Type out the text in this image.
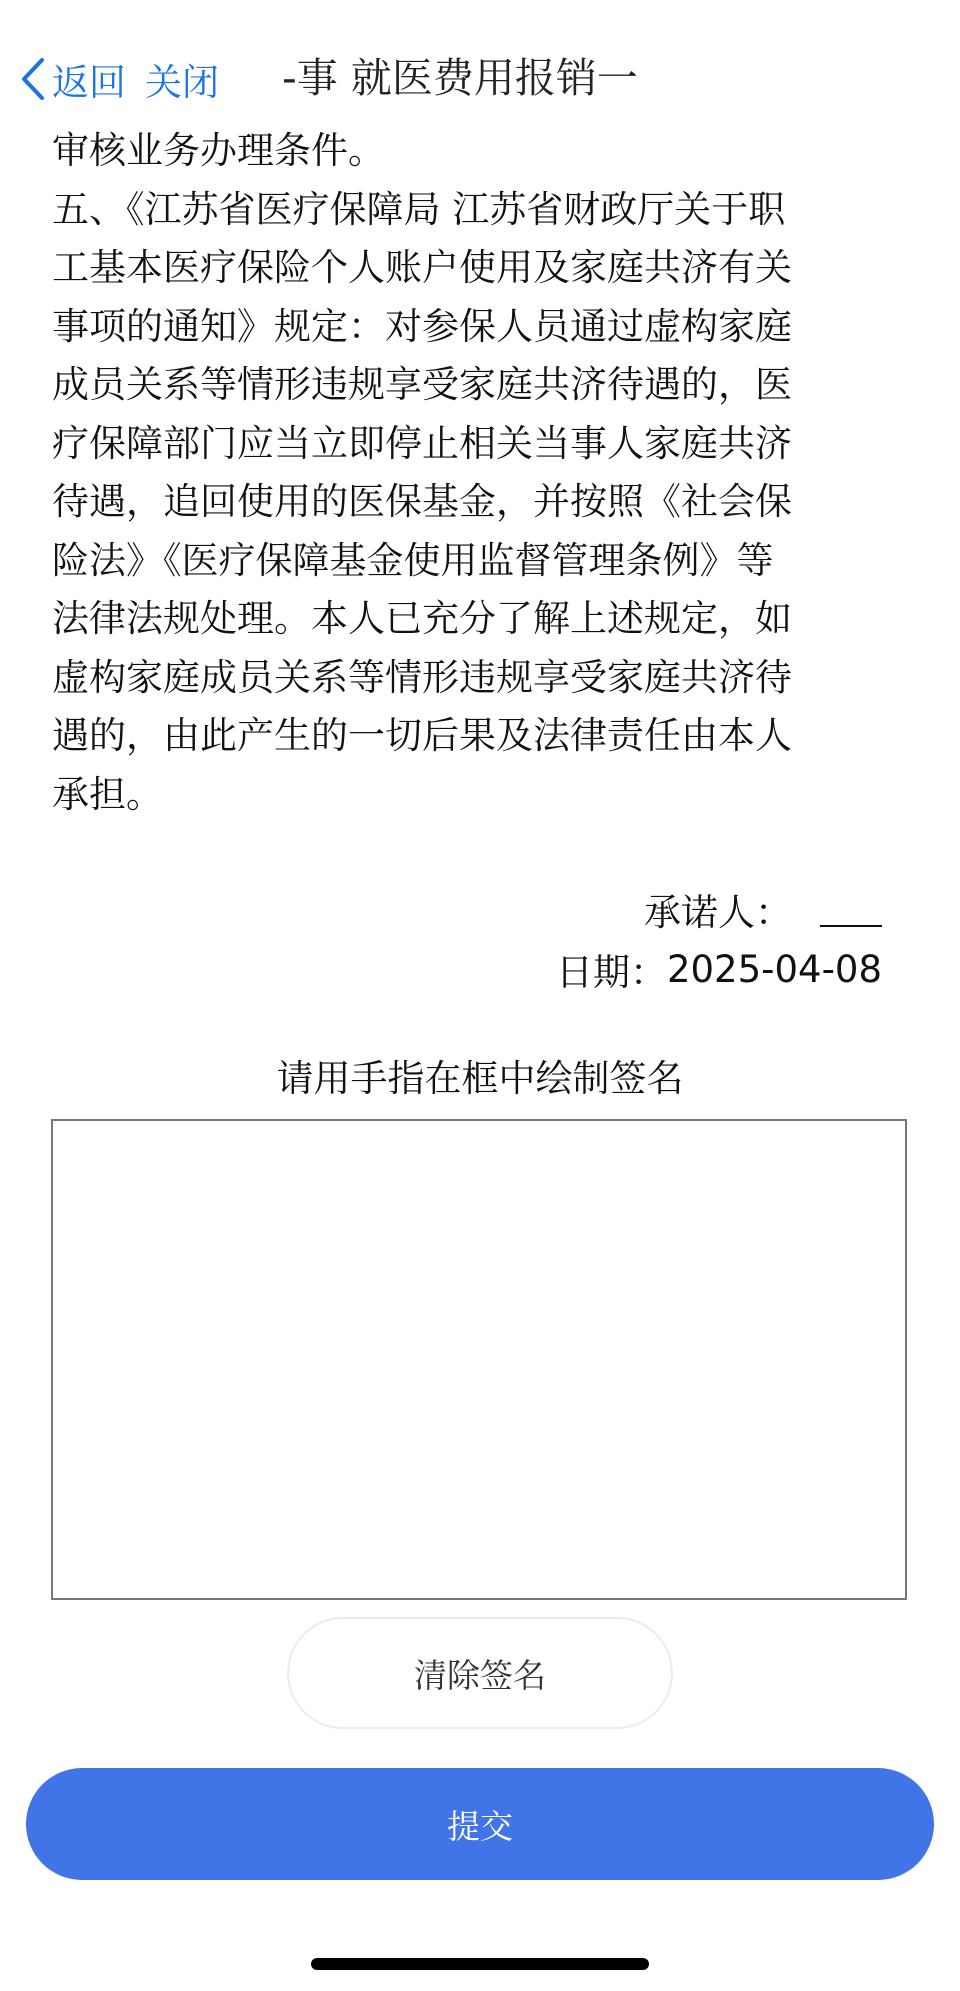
返回 关闭 -事 就医费用报销一

审核业务办理条件。

五、《江苏省医疗保障局 江苏省财政厅关于职

工基本医疗保险个人账户使用及家庭共济有关

事项的通知》规定：对参保人员通过虚构家庭

成员关系等情形违规享受家庭共济待遇的，医

疗保障部门应当立即停止相关当事人家庭共济

待遇，追回使用的医保基金，并按照《社会保

险法》《医疗保障基金使用监督管理条例》等

法律法规处理。本人已充分了解上述规定，如

虚构家庭成员关系等情形违规享受家庭共济待

遇的，由此产生的一切后果及法律责任由本人

承担。

承诺人：
日期： 2025-04-08
请用手指在框中绘制签名
清除签名
提交
